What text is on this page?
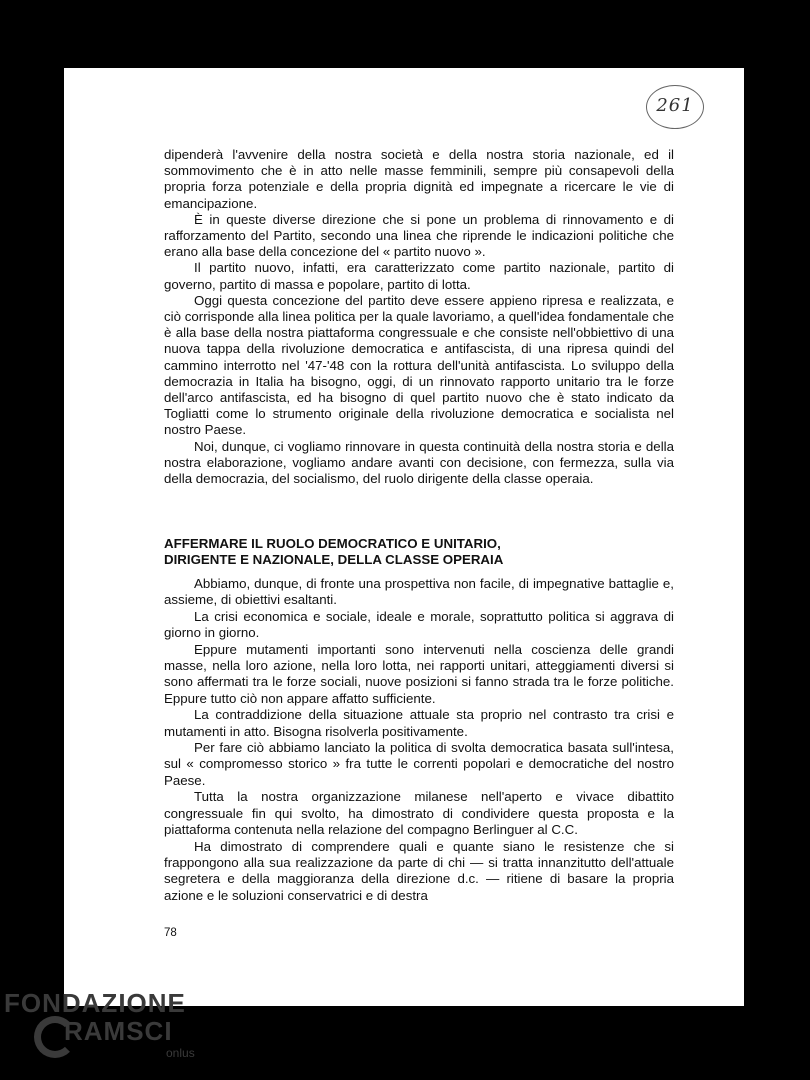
261

dipenderà l'avvenire della nostra società e della nostra storia nazionale, ed il sommovimento che è in atto nelle masse femminili, sempre più consapevoli della propria forza potenziale e della propria dignità ed impegnate a ricercare le vie di emancipazione.

È in queste diverse direzione che si pone un problema di rinnovamento e di rafforzamento del Partito, secondo una linea che riprende le indicazioni politiche che erano alla base della concezione del « partito nuovo ».

Il partito nuovo, infatti, era caratterizzato come partito nazionale, partito di governo, partito di massa e popolare, partito di lotta.

Oggi questa concezione del partito deve essere appieno ripresa e realizzata, e ciò corrisponde alla linea politica per la quale lavoriamo, a quell'idea fondamentale che è alla base della nostra piattaforma congressuale e che consiste nell'obbiettivo di una nuova tappa della rivoluzione democratica e antifascista, di una ripresa quindi del cammino interrotto nel '47-'48 con la rottura dell'unità antifascista. Lo sviluppo della democrazia in Italia ha bisogno, oggi, di un rinnovato rapporto unitario tra le forze dell'arco antifascista, ed ha bisogno di quel partito nuovo che è stato indicato da Togliatti come lo strumento originale della rivoluzione democratica e socialista nel nostro Paese.

Noi, dunque, ci vogliamo rinnovare in questa continuità della nostra storia e della nostra elaborazione, vogliamo andare avanti con decisione, con fermezza, sulla via della democrazia, del socialismo, del ruolo dirigente della classe operaia.

AFFERMARE IL RUOLO DEMOCRATICO E UNITARIO,
DIRIGENTE E NAZIONALE, DELLA CLASSE OPERAIA

Abbiamo, dunque, di fronte una prospettiva non facile, di impegnative battaglie e, assieme, di obiettivi esaltanti.

La crisi economica e sociale, ideale e morale, soprattutto politica si aggrava di giorno in giorno.

Eppure mutamenti importanti sono intervenuti nella coscienza delle grandi masse, nella loro azione, nella loro lotta, nei rapporti unitari, atteggiamenti diversi si sono affermati tra le forze sociali, nuove posizioni si fanno strada tra le forze politiche. Eppure tutto ciò non appare affatto sufficiente.

La contraddizione della situazione attuale sta proprio nel contrasto tra crisi e mutamenti in atto. Bisogna risolverla positivamente.

Per fare ciò abbiamo lanciato la politica di svolta democratica basata sull'intesa, sul « compromesso storico » fra tutte le correnti popolari e democratiche del nostro Paese.

Tutta la nostra organizzazione milanese nell'aperto e vivace dibattito congressuale fin qui svolto, ha dimostrato di condividere questa proposta e la piattaforma contenuta nella relazione del compagno Berlinguer al C.C.

Ha dimostrato di comprendere quali e quante siano le resistenze che si frappongono alla sua realizzazione da parte di chi — si tratta innanzitutto dell'attuale segretera e della maggioranza della direzione d.c. — ritiene di basare la propria azione e le soluzioni conservatrici e di destra

78
FONDAZIONE
RAMSCI
onlus
